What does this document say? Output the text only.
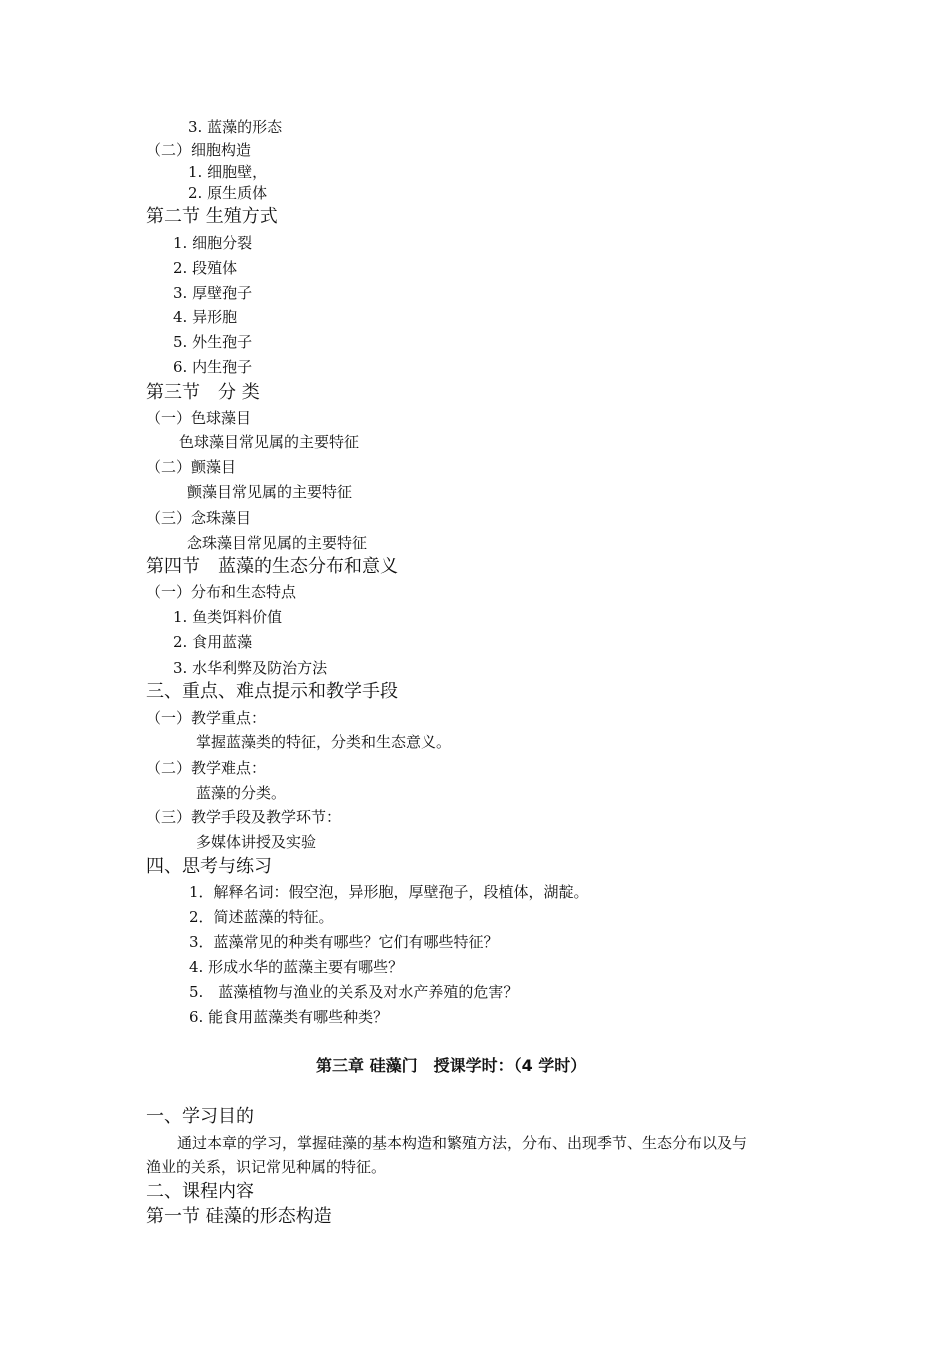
3. 蓝藻的形态
（二）细胞构造
1. 细胞壁，
2. 原生质体
第二节 生殖方式
1. 细胞分裂
2. 段殖体
3. 厚壁孢子
4. 异形胞
5. 外生孢子
6. 内生孢子
第三节　分 类
（一）色球藻目
色球藻目常见属的主要特征
（二）颤藻目
颤藻目常见属的主要特征
（三）念珠藻目
念珠藻目常见属的主要特征
第四节　蓝藻的生态分布和意义
（一）分布和生态特点
1. 鱼类饵料价值
2. 食用蓝藻
3. 水华利弊及防治方法
三、重点、难点提示和教学手段
（一）教学重点：
掌握蓝藻类的特征，分类和生态意义。
（二）教学难点：
蓝藻的分类。
（三）教学手段及教学环节：
多媒体讲授及实验
四、思考与练习
1．解释名词：假空泡，异形胞，厚壁孢子，段植体，湖靛。
2．简述蓝藻的特征。
3．蓝藻常见的种类有哪些？它们有哪些特征？
4. 形成水华的蓝藻主要有哪些？
5.　蓝藻植物与渔业的关系及对水产养殖的危害？
6. 能食用蓝藻类有哪些种类？
第三章 硅藻门　授课学时：（4 学时）
一、学习目的
通过本章的学习，掌握硅藻的基本构造和繁殖方法，分布、出现季节、生态分布以及与
渔业的关系，识记常见种属的特征。
二、课程内容
第一节 硅藻的形态构造
